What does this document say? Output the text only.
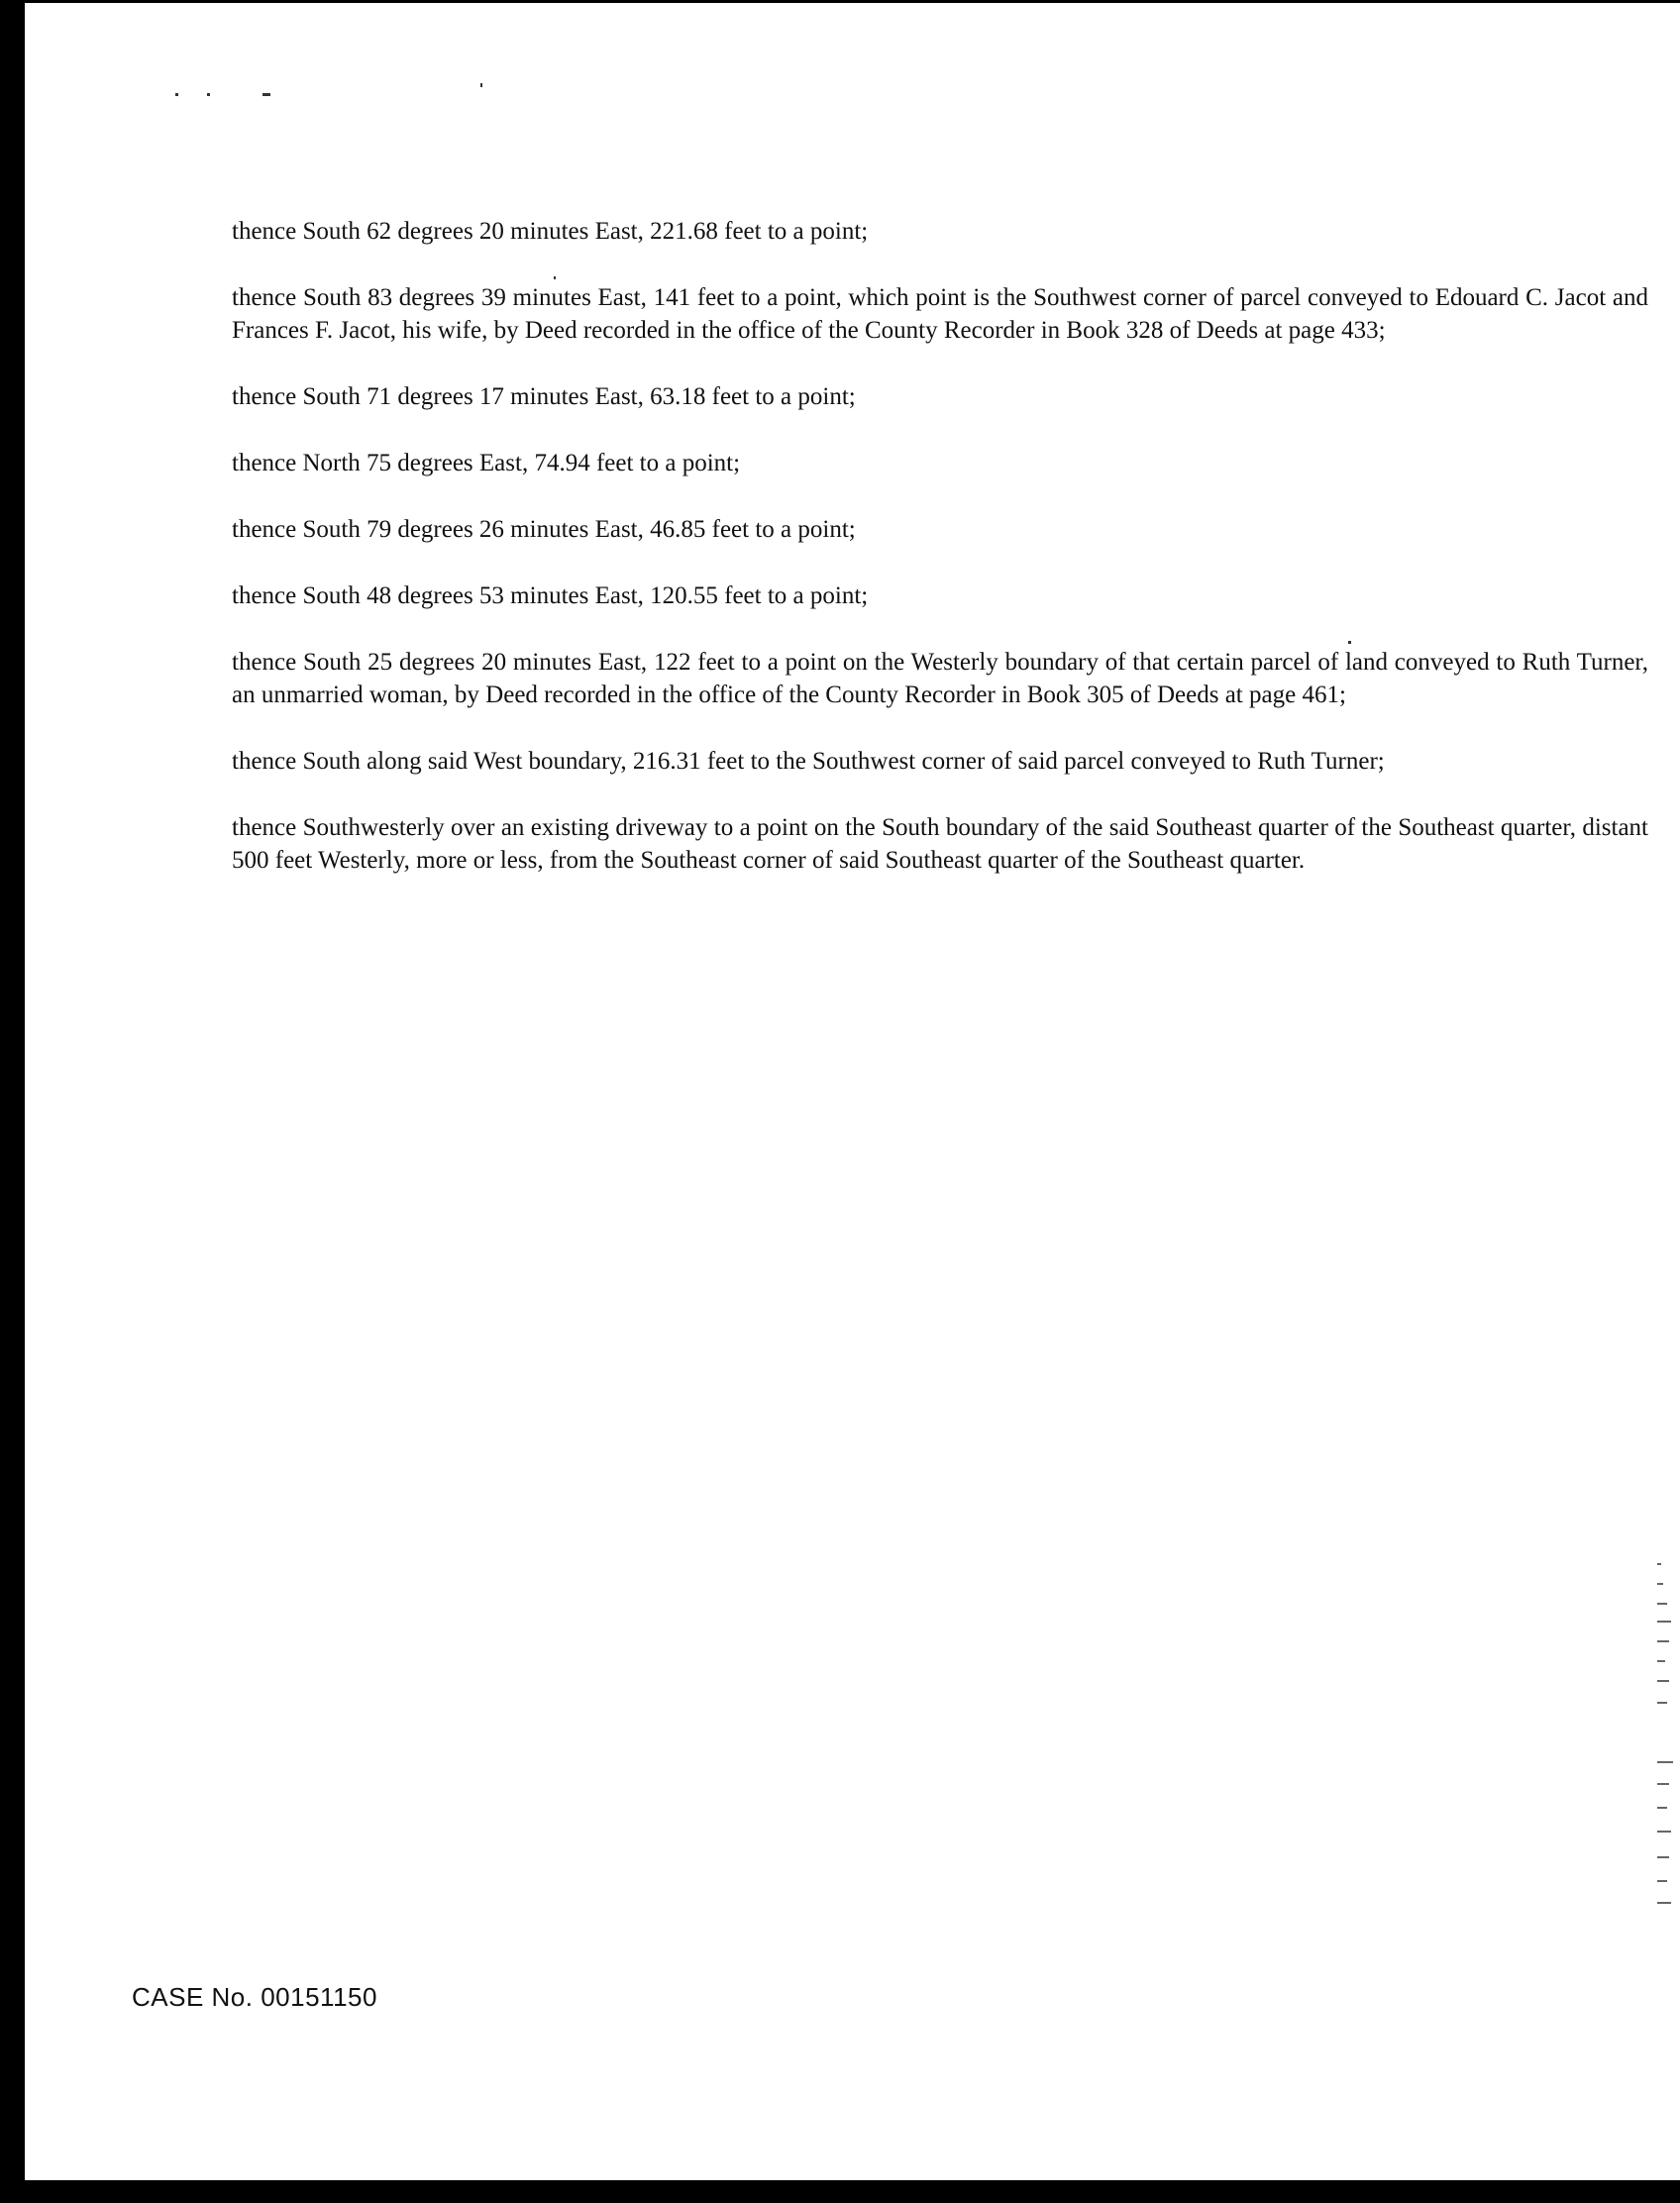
thence South 62 degrees 20 minutes East, 221.68 feet to a point;

thence South 83 degrees 39 minutes East, 141 feet to a point, which point is the Southwest corner of parcel conveyed to Edouard C. Jacot and Frances F. Jacot, his wife, by Deed recorded in the office of the County Recorder in Book 328 of Deeds at page 433;

thence South 71 degrees 17 minutes East, 63.18 feet to a point;

thence North 75 degrees East, 74.94 feet to a point;

thence South 79 degrees 26 minutes East, 46.85 feet to a point;

thence South 48 degrees 53 minutes East, 120.55 feet to a point;

thence South 25 degrees 20 minutes East, 122 feet to a point on the Westerly boundary of that certain parcel of land conveyed to Ruth Turner, an unmarried woman, by Deed recorded in the office of the County Recorder in Book 305 of Deeds at page 461;

thence South along said West boundary, 216.31 feet to the Southwest corner of said parcel conveyed to Ruth Turner;

thence Southwesterly over an existing driveway to a point on the South boundary of the said Southeast quarter of the Southeast quarter, distant 500 feet Westerly, more or less, from the Southeast corner of said Southeast quarter of the Southeast quarter.

CASE No. 00151150
